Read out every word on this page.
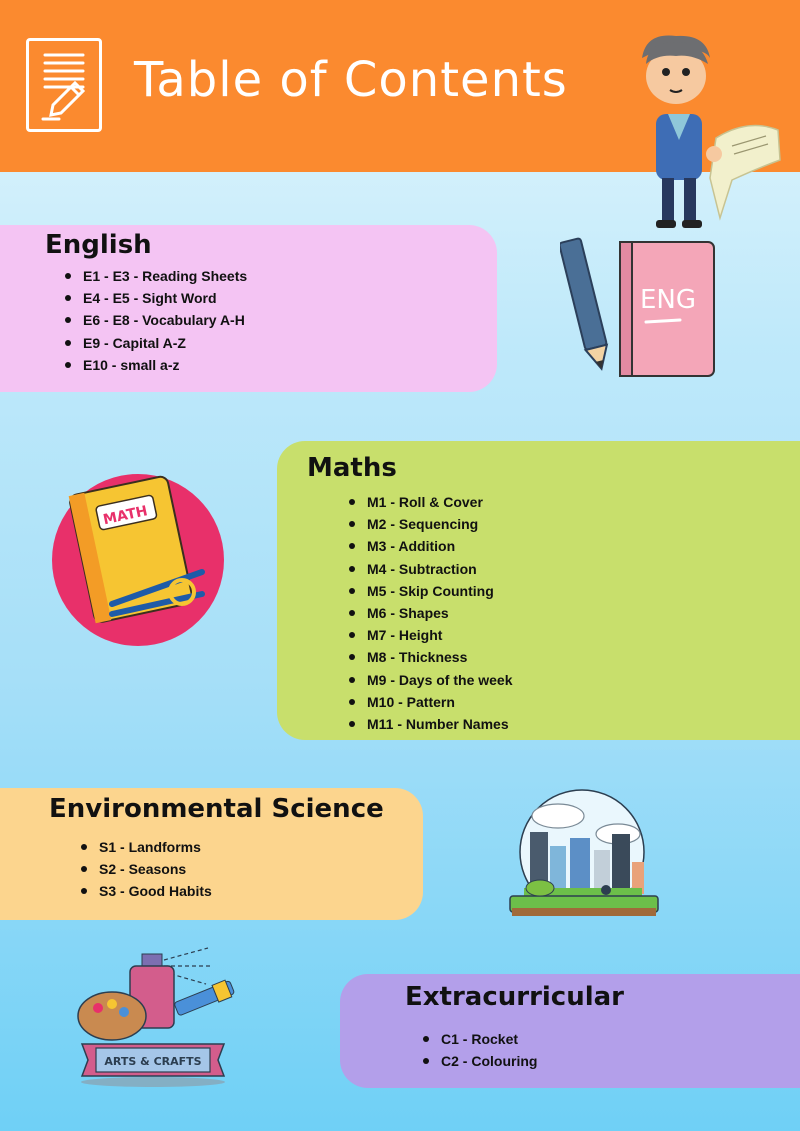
Table of Contents
English
E1 - E3 - Reading Sheets
E4 - E5 - Sight Word
E6 - E8 - Vocabulary A-H
E9 - Capital A-Z
E10 - small a-z
ENG
MATH
Maths
M1 - Roll & Cover
M2 - Sequencing
M3 - Addition
M4 - Subtraction
M5 - Skip Counting
M6 - Shapes
M7 - Height
M8 - Thickness
M9 - Days of the week
M10 - Pattern
M11 - Number Names
Environmental Science
S1 - Landforms
S2 - Seasons
S3 - Good Habits
ARTS & CRAFTS
Extracurricular
C1 - Rocket
C2 - Colouring
